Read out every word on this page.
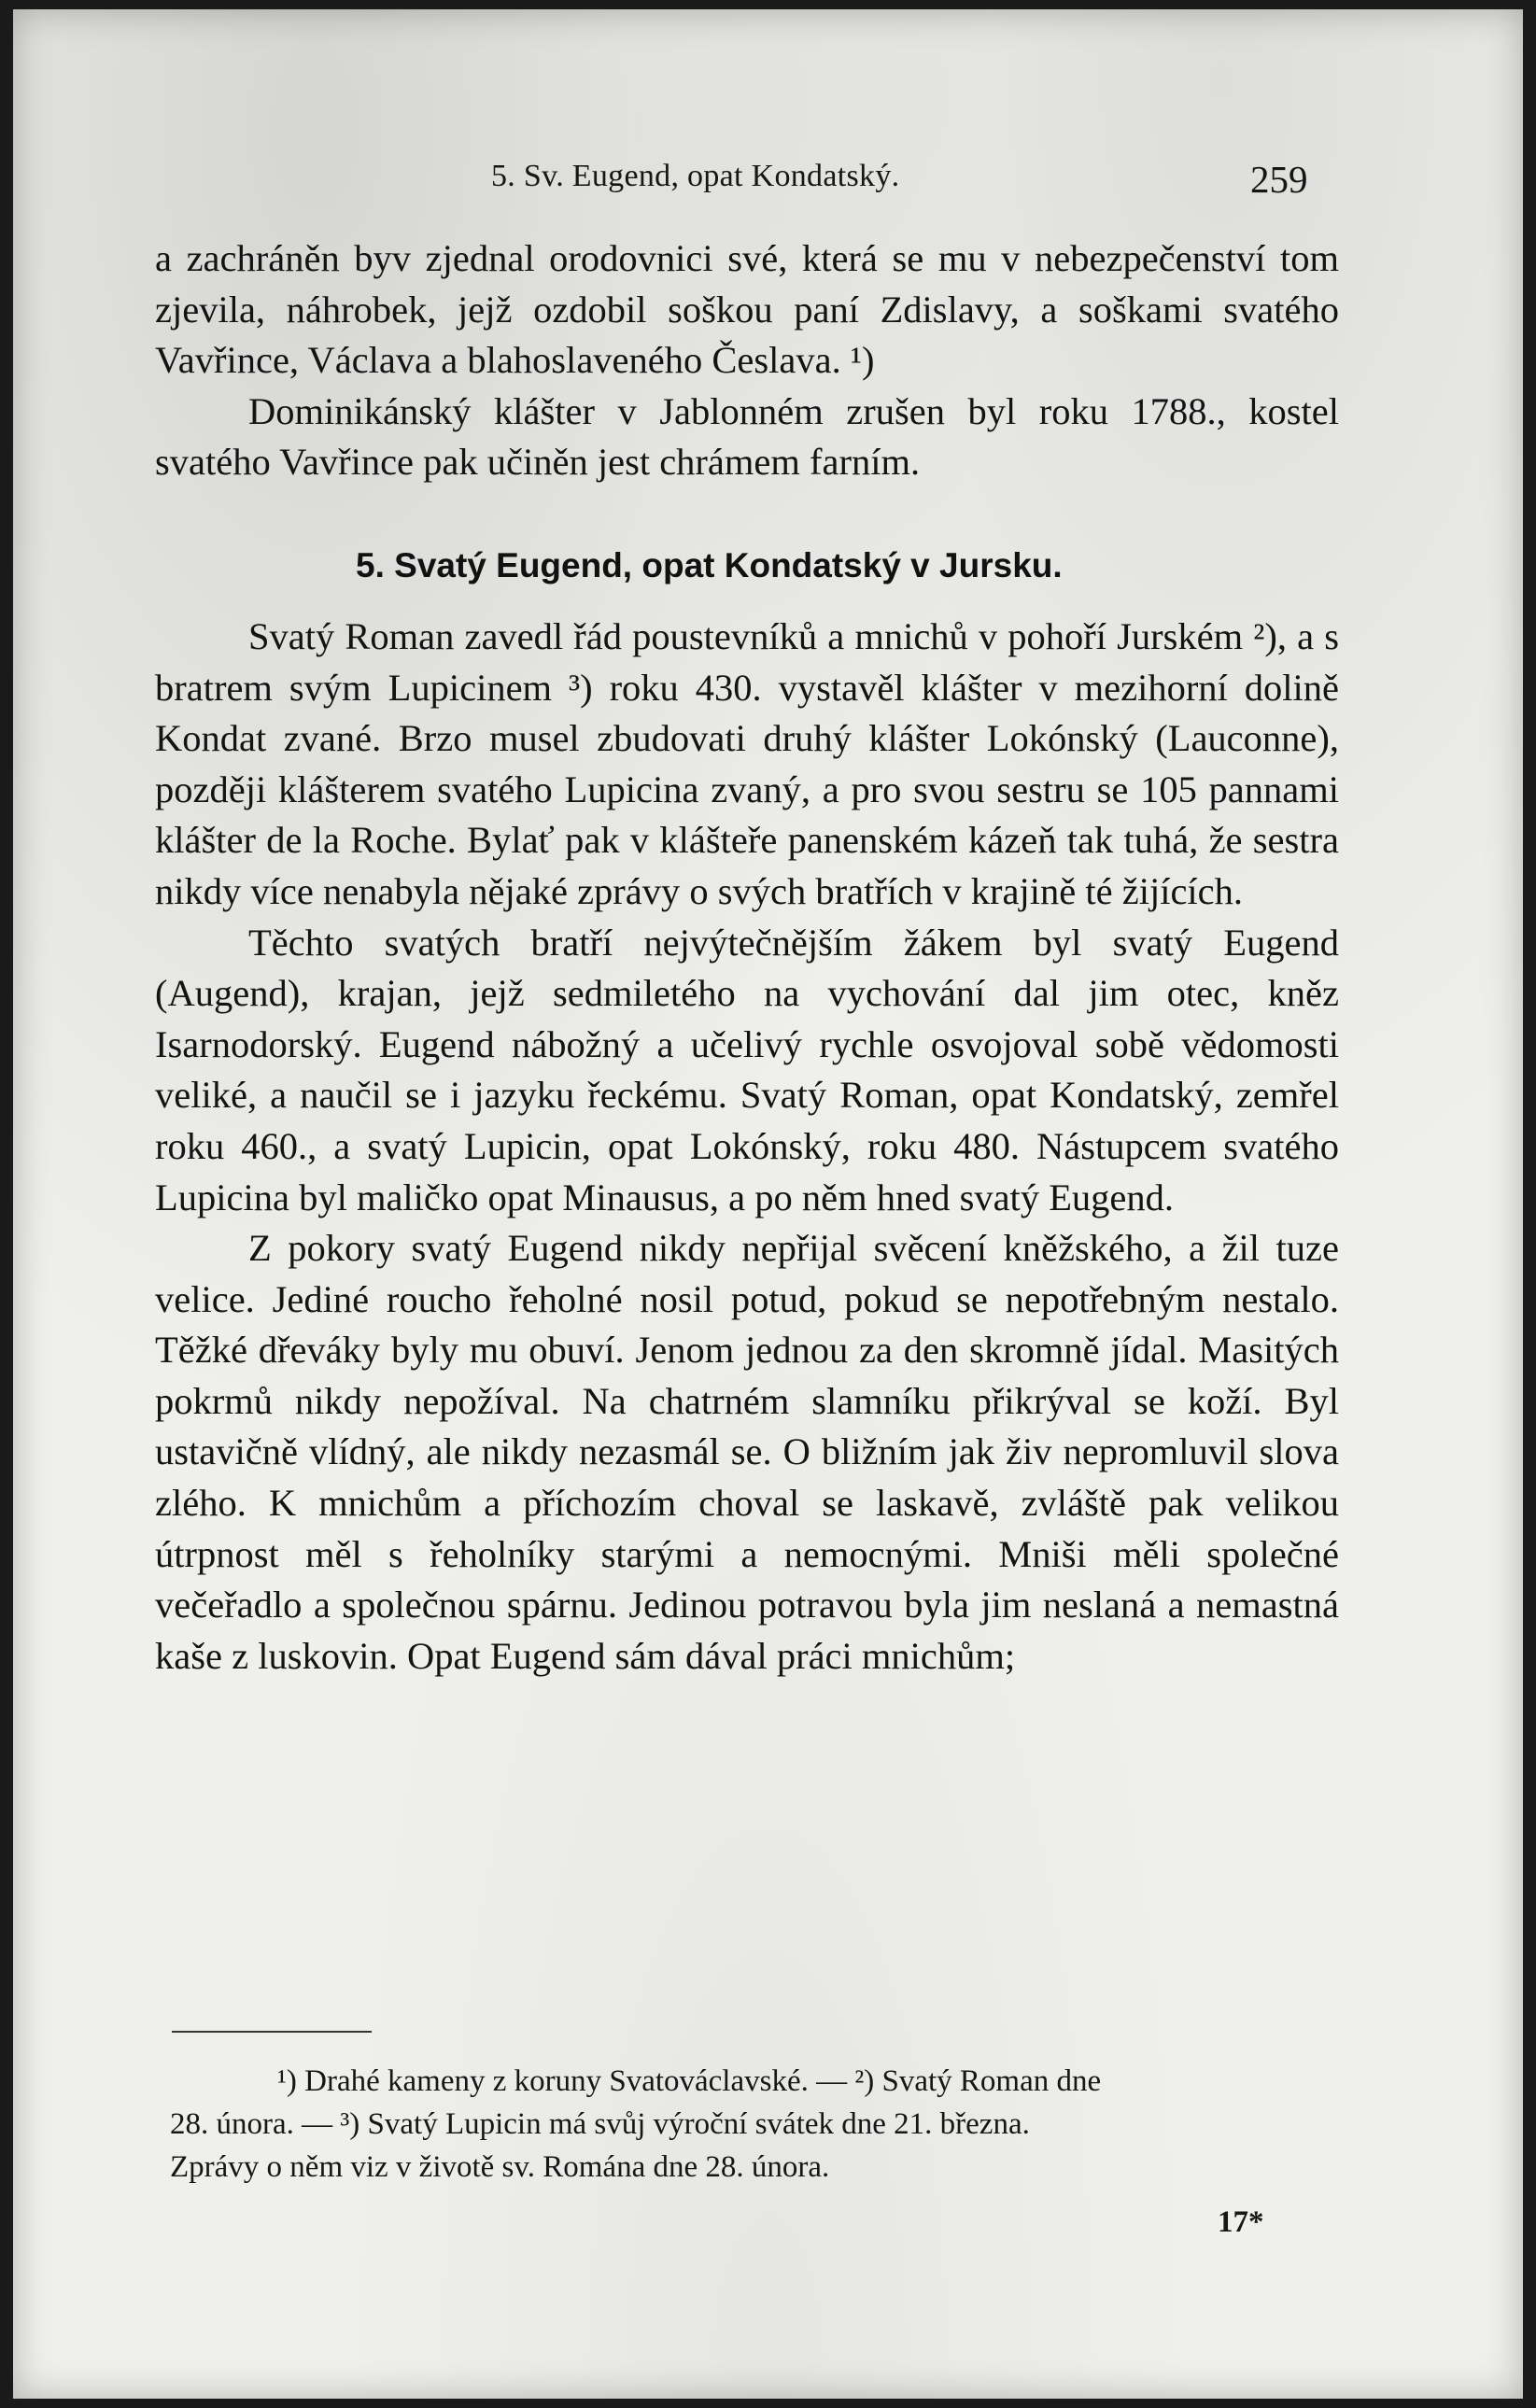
5. Sv. Eugend, opat Kondatský.	259

a zachráněn byv zjednal orodovnici své, která se mu v nebezpečenství tom zjevila, náhrobek, jejž ozdobil soškou paní Zdislavy, a soškami svatého Vavřince, Václava a blahoslaveného Česlava. ¹)

Dominikánský klášter v Jablonném zrušen byl roku 1788., kostel svatého Vavřince pak učiněn jest chrámem farním.

5. Svatý Eugend, opat Kondatský v Jursku.

Svatý Roman zavedl řád poustevníků a mnichů v pohoří Jurském ²), a s bratrem svým Lupicinem ³) roku 430. vystavěl klášter v mezihorní dolině Kondat zvané. Brzo musel zbudovati druhý klášter Lokónský (Lauconne), později klášterem svatého Lupicina zvaný, a pro svou sestru se 105 pannami klášter de la Roche. Bylať pak v klášteře panenském kázeň tak tuhá, že sestra nikdy více nenabyla nějaké zprávy o svých bratřích v krajině té žijících.

Těchto svatých bratří nejvýtečnějším žákem byl svatý Eugend (Augend), krajan, jejž sedmiletého na vychování dal jim otec, kněz Isarnodorský. Eugend nábožný a učelivý rychle osvojoval sobě vědomosti veliké, a naučil se i jazyku řeckému. Svatý Roman, opat Kondatský, zemřel roku 460., a svatý Lupicin, opat Lokónský, roku 480. Nástupcem svatého Lupicina byl maličko opat Minausus, a po něm hned svatý Eugend.

Z pokory svatý Eugend nikdy nepřijal svěcení kněžského, a žil tuze velice. Jediné roucho řeholné nosil potud, pokud se nepotřebným nestalo. Těžké dřeváky byly mu obuví. Jenom jednou za den skromně jídal. Masitých pokrmů nikdy nepožíval. Na chatrném slamníku přikrýval se koží. Byl ustavičně vlídný, ale nikdy nezasmál se. O bližním jak živ nepromluvil slova zlého. K mnichům a příchozím choval se laskavě, zvláště pak velikou útrpnost měl s řeholníky starými a nemocnými. Mniši měli společné večeřadlo a společnou spárnu. Jedinou potravou byla jim neslaná a nemastná kaše z luskovin. Opat Eugend sám dával práci mnichům;

¹) Drahé kameny z koruny Svatováclavské. — ²) Svatý Roman dne

28. února. — ³) Svatý Lupicin má svůj výroční svátek dne 21. března.

Zprávy o něm viz v životě sv. Romána dne 28. února.

17*
